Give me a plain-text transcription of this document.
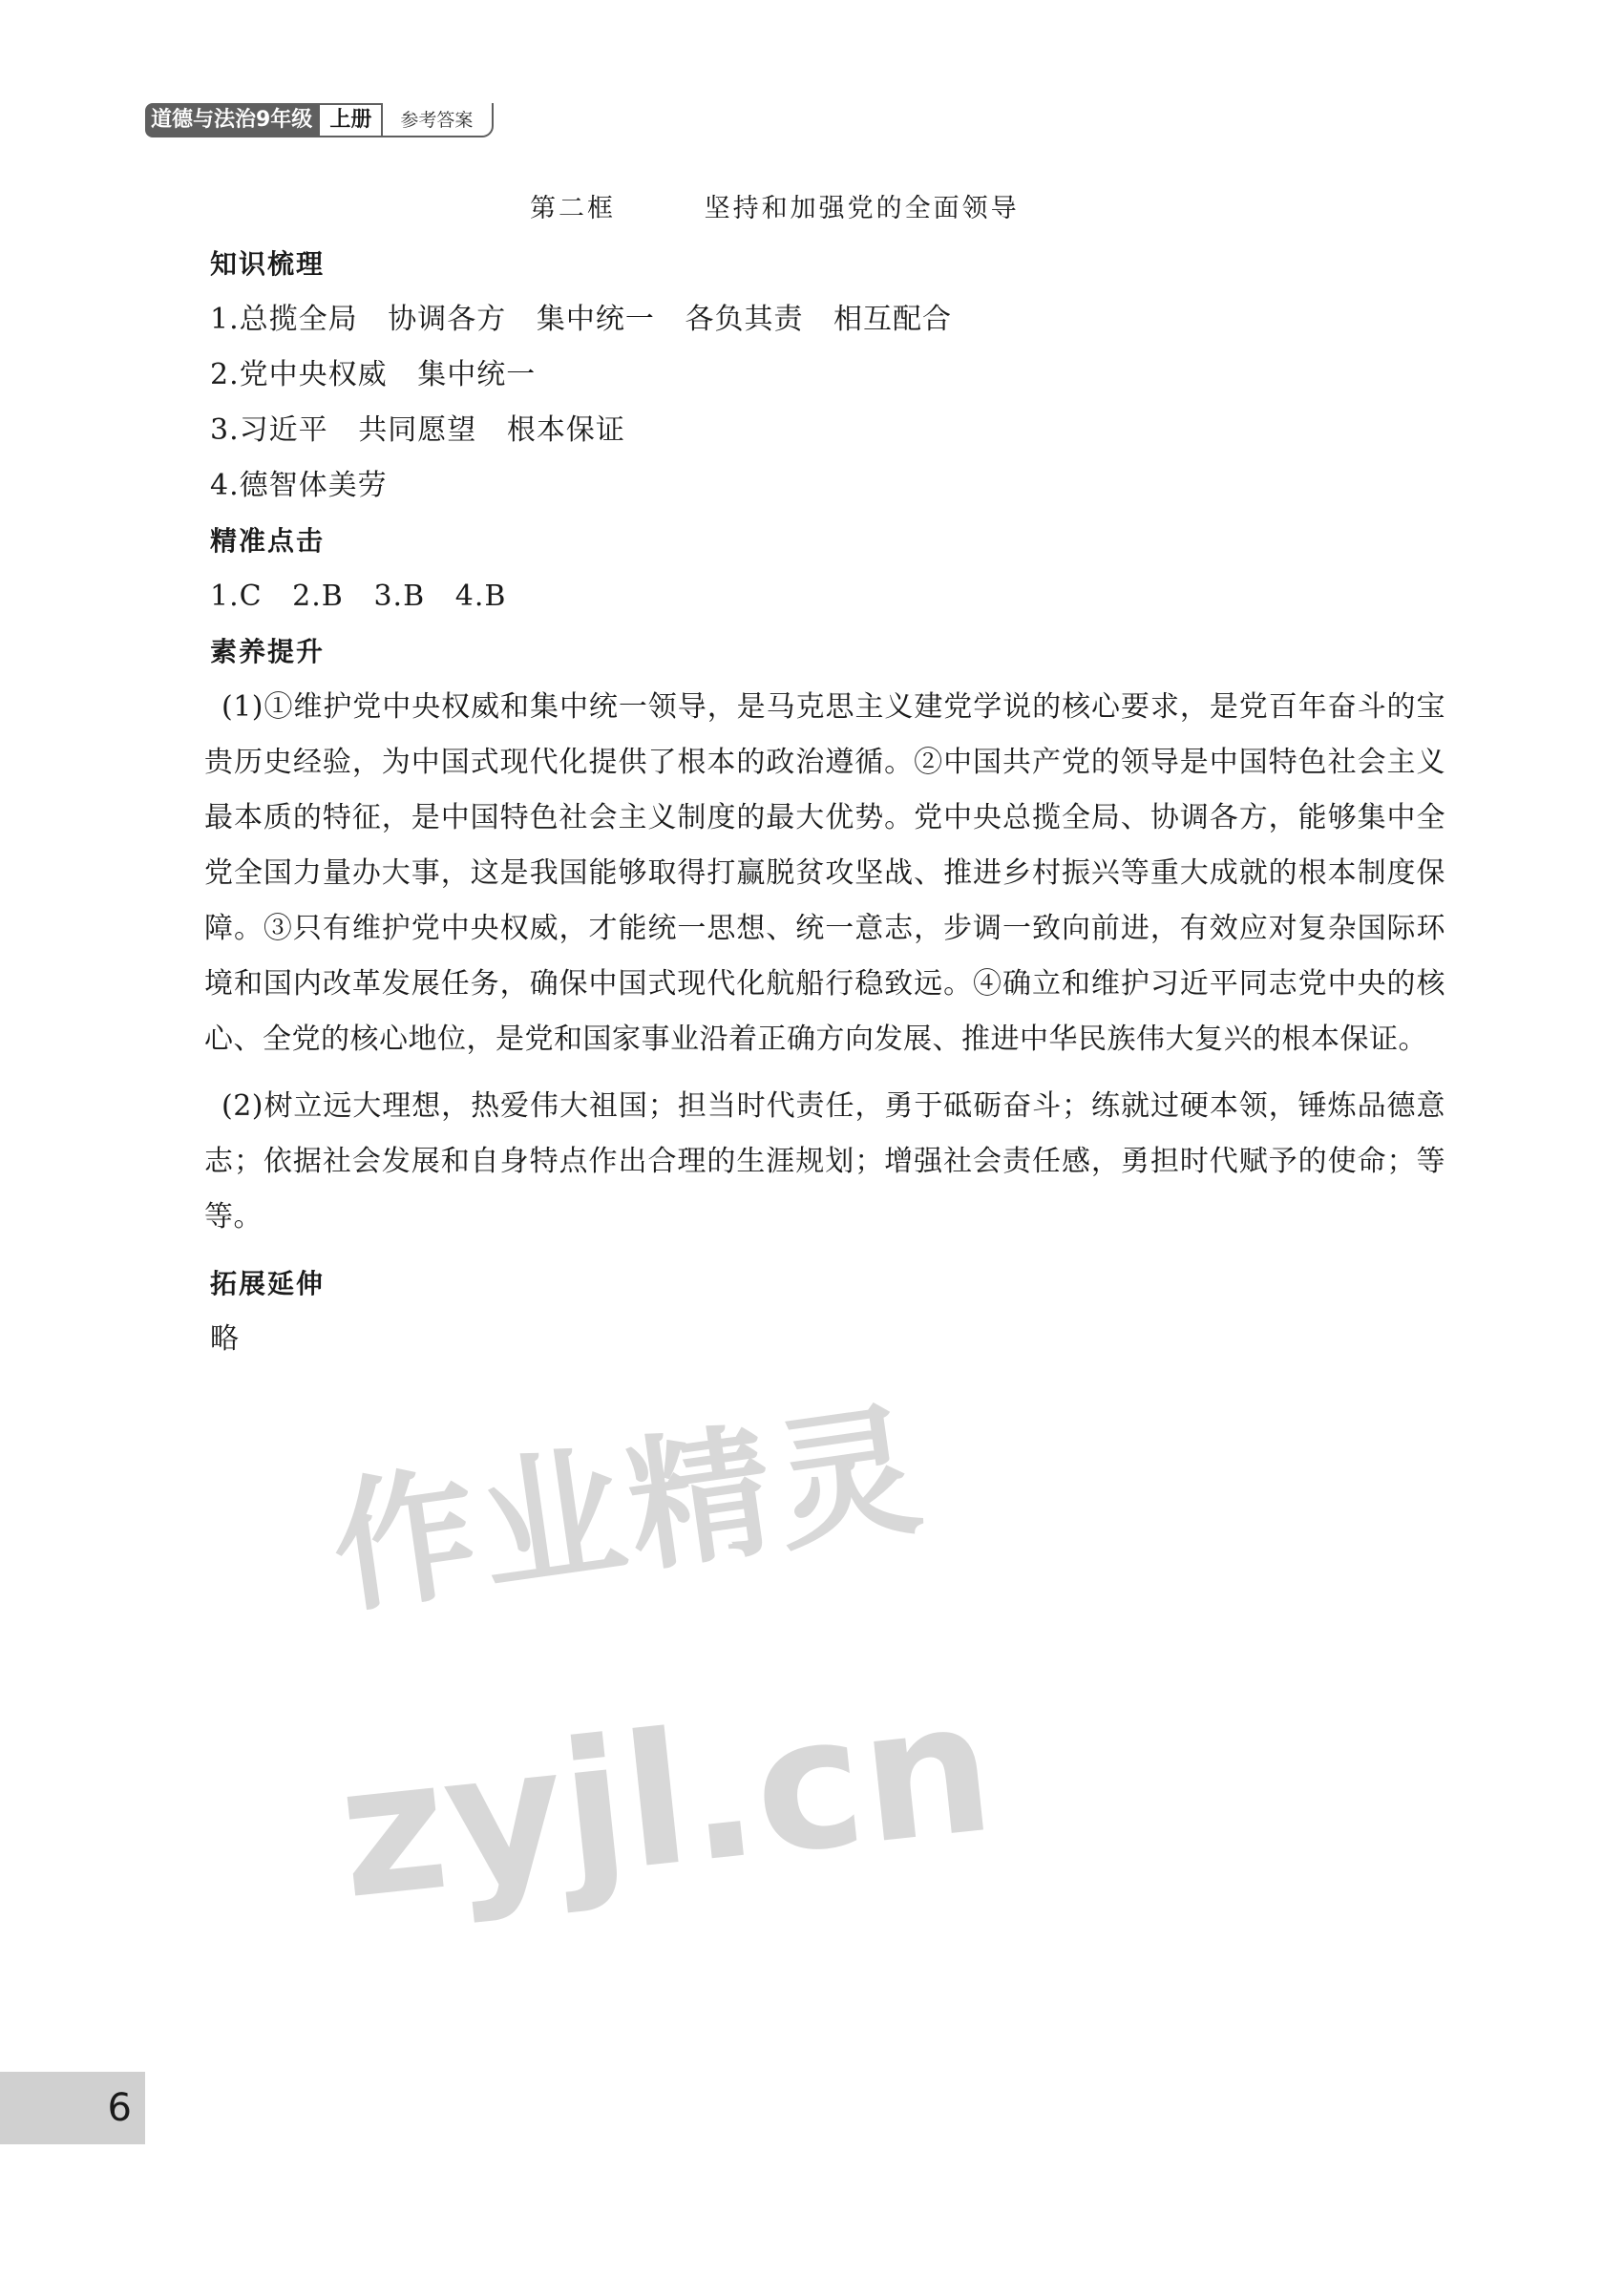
道德与法治9年级 上册	参考答案
第二框        坚持和加强党的全面领导
知识梳理
1.总揽全局   协调各方   集中统一   各负其责   相互配合
2.党中央权威   集中统一
3.习近平   共同愿望   根本保证
4.德智体美劳
精准点击
1.C   2.B   3.B   4.B
素养提升
(1)①维护党中央权威和集中统一领导，是马克思主义建党学说的核心要求，是党百年奋斗的宝贵历史经验，为中国式现代化提供了根本的政治遵循。②中国共产党的领导是中国特色社会主义最本质的特征，是中国特色社会主义制度的最大优势。党中央总揽全局、协调各方，能够集中全党全国力量办大事，这是我国能够取得打赢脱贫攻坚战、推进乡村振兴等重大成就的根本制度保障。③只有维护党中央权威，才能统一思想、统一意志，步调一致向前进，有效应对复杂国际环境和国内改革发展任务，确保中国式现代化航船行稳致远。④确立和维护习近平同志党中央的核心、全党的核心地位，是党和国家事业沿着正确方向发展、推进中华民族伟大复兴的根本保证。
(2)树立远大理想，热爱伟大祖国；担当时代责任，勇于砥砺奋斗；练就过硬本领，锤炼品德意志；依据社会发展和自身特点作出合理的生涯规划；增强社会责任感，勇担时代赋予的使命；等等。
拓展延伸
略
作业精灵
zyjl.cn
6
